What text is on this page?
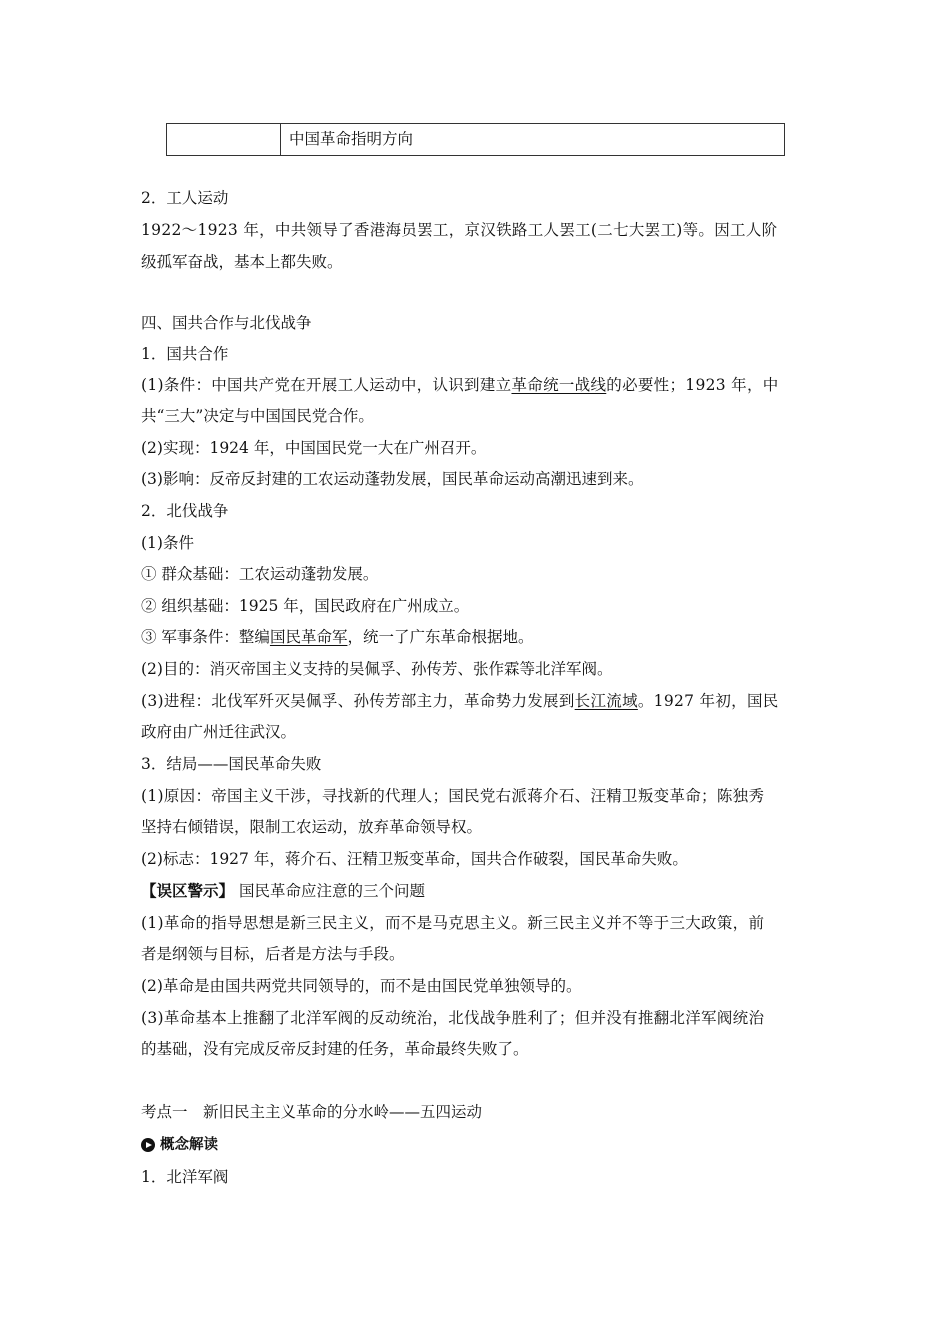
中国革命指明方向
2．工人运动
1922～1923 年，中共领导了香港海员罢工，京汉铁路工人罢工(二七大罢工)等。因工人阶
级孤军奋战，基本上都失败。
四、国共合作与北伐战争
1．国共合作
(1)条件：中国共产党在开展工人运动中，认识到建立革命统一战线的必要性；1923 年，中
共“三大”决定与中国国民党合作。
(2)实现：1924 年，中国国民党一大在广州召开。
(3)影响：反帝反封建的工农运动蓬勃发展，国民革命运动高潮迅速到来。
2．北伐战争
(1)条件
① 群众基础：工农运动蓬勃发展。
② 组织基础：1925 年，国民政府在广州成立。
③ 军事条件：整编国民革命军，统一了广东革命根据地。
(2)目的：消灭帝国主义支持的吴佩孚、孙传芳、张作霖等北洋军阀。
(3)进程：北伐军歼灭吴佩孚、孙传芳部主力，革命势力发展到长江流域。1927 年初，国民
政府由广州迁往武汉。
3．结局——国民革命失败
(1)原因：帝国主义干涉，寻找新的代理人；国民党右派蒋介石、汪精卫叛变革命；陈独秀
坚持右倾错误，限制工农运动，放弃革命领导权。
(2)标志：1927 年，蒋介石、汪精卫叛变革命，国共合作破裂，国民革命失败。
【误区警示】 国民革命应注意的三个问题
(1)革命的指导思想是新三民主义，而不是马克思主义。新三民主义并不等于三大政策，前
者是纲领与目标，后者是方法与手段。
(2)革命是由国共两党共同领导的，而不是由国民党单独领导的。
(3)革命基本上推翻了北洋军阀的反动统治，北伐战争胜利了；但并没有推翻北洋军阀统治
的基础，没有完成反帝反封建的任务，革命最终失败了。
考点一　新旧民主主义革命的分水岭——五四运动
概念解读
1．北洋军阀
